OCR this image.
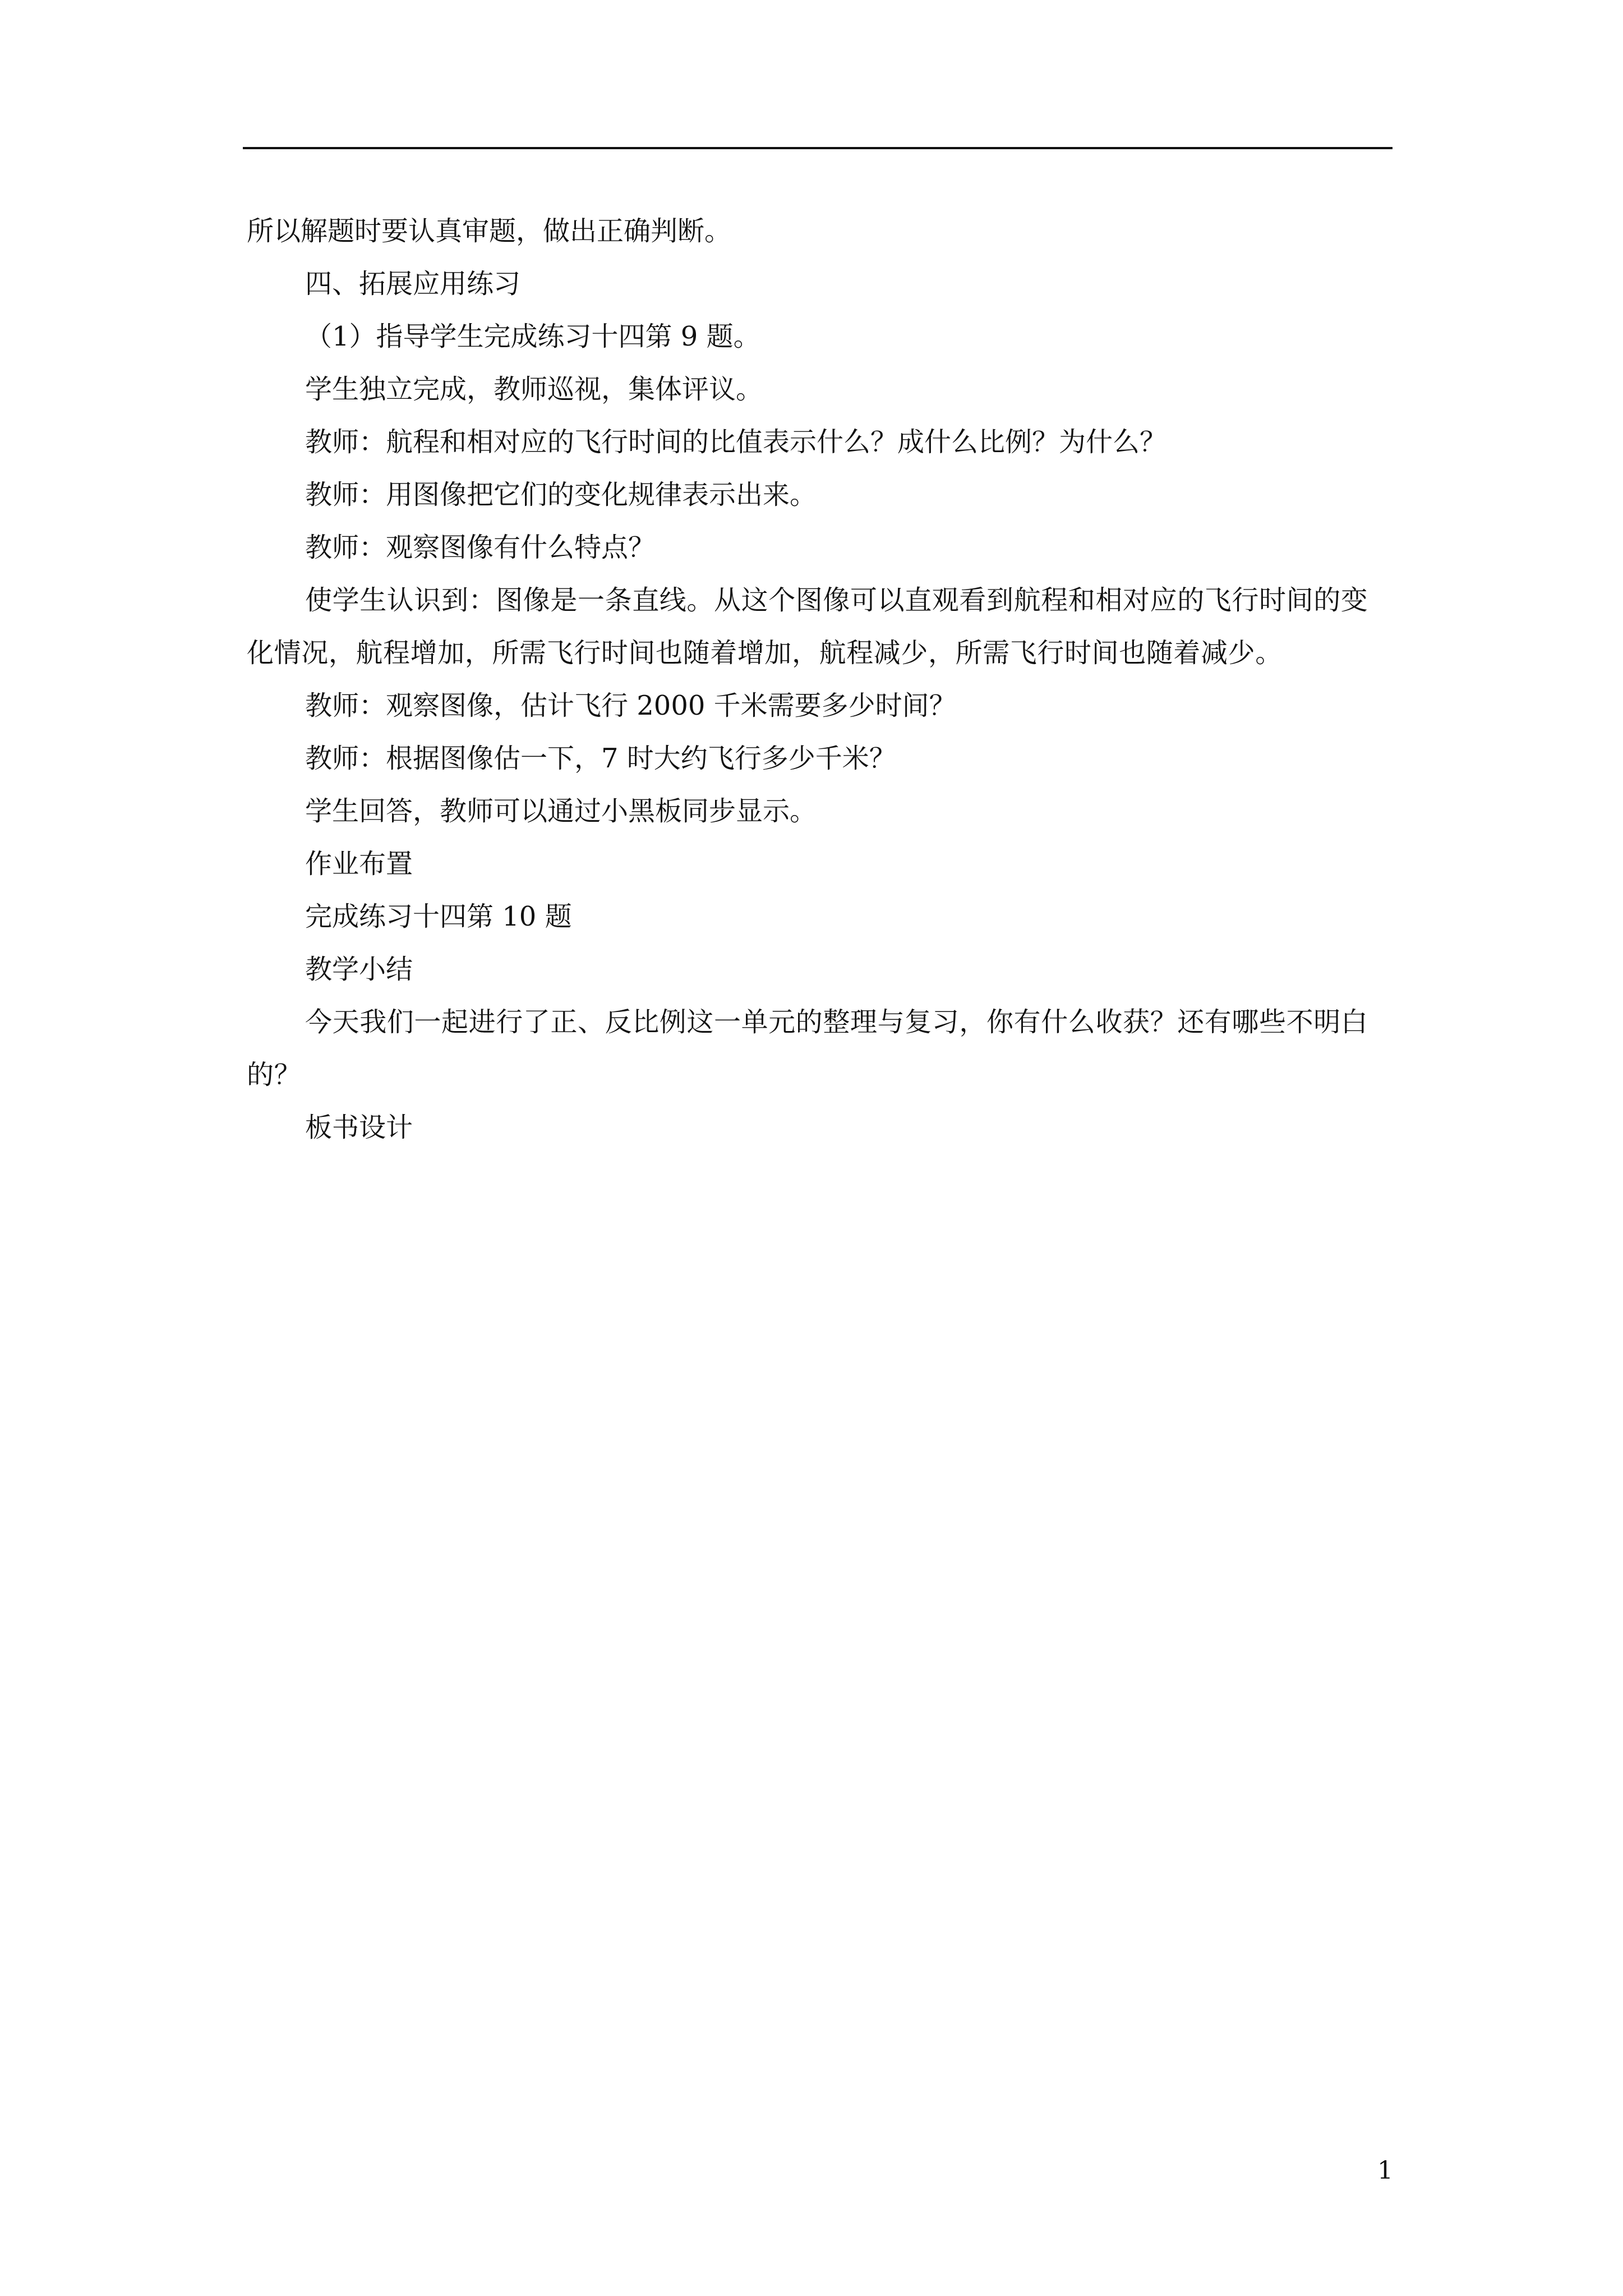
所以解题时要认真审题，做出正确判断。

四、拓展应用练习

（1）指导学生完成练习十四第 9 题。

学生独立完成，教师巡视，集体评议。

教师：航程和相对应的飞行时间的比值表示什么？成什么比例？为什么？

教师：用图像把它们的变化规律表示出来。

教师：观察图像有什么特点？

使学生认识到：图像是一条直线。从这个图像可以直观看到航程和相对应的飞行时间的变化情况，航程增加，所需飞行时间也随着增加，航程减少，所需飞行时间也随着减少。

教师：观察图像，估计飞行 2000 千米需要多少时间？

教师：根据图像估一下，7 时大约飞行多少千米？

学生回答，教师可以通过小黑板同步显示。

作业布置

完成练习十四第 10 题

教学小结

今天我们一起进行了正、反比例这一单元的整理与复习，你有什么收获？还有哪些不明白的？

板书设计

1
